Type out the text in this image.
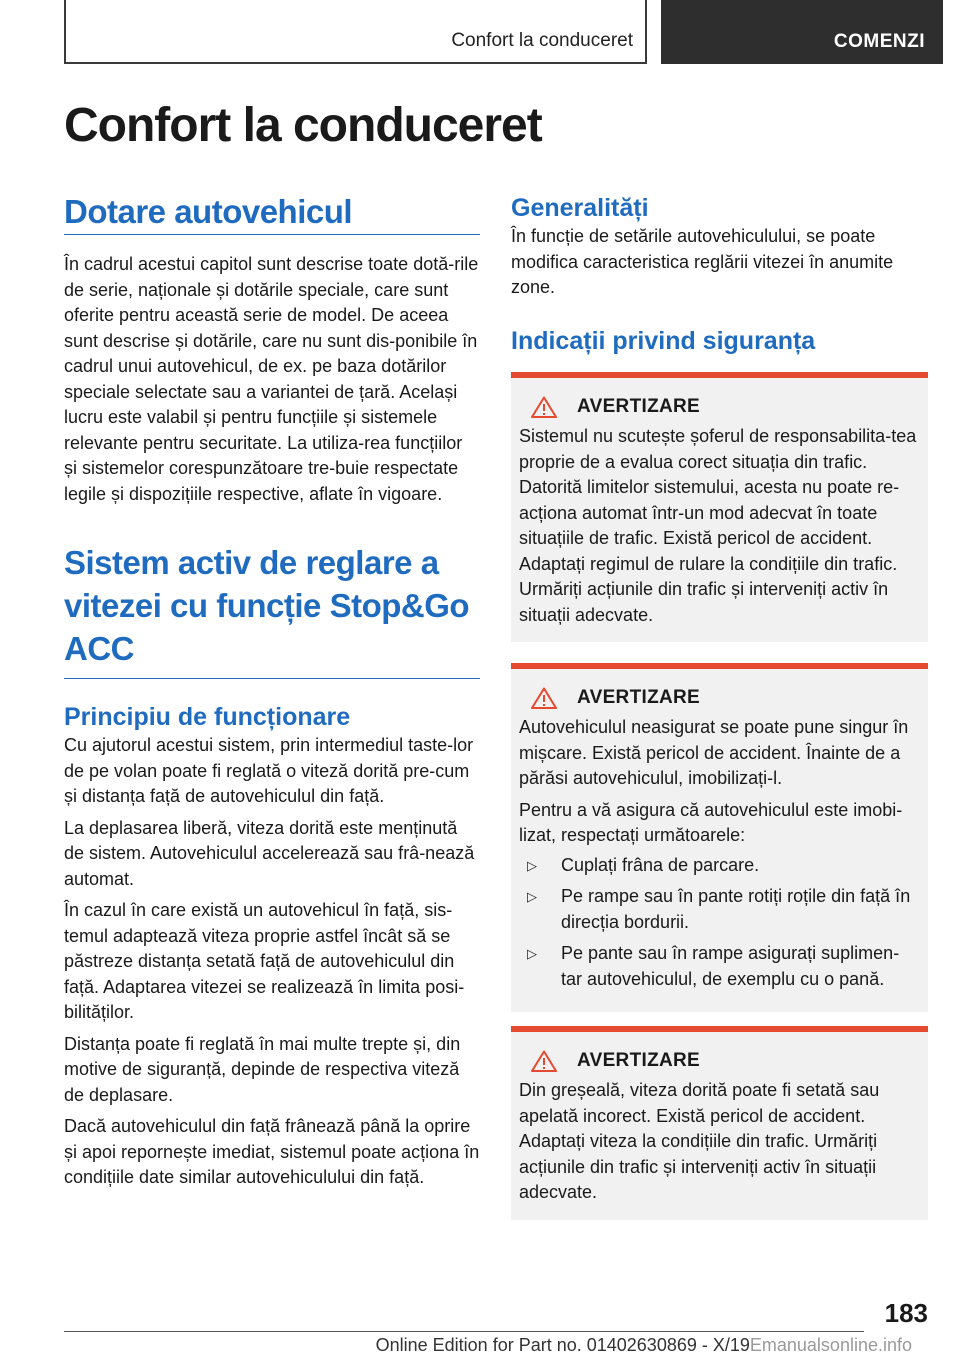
Confort la conduceret	COMENZI
Confort la conduceret
Dotare autovehicul

În cadrul acestui capitol sunt descrise toate dotă-rile de serie, naționale și dotările speciale, care sunt oferite pentru această serie de model. De aceea sunt descrise și dotările, care nu sunt dis-ponibile în cadrul unui autovehicul, de ex. pe baza dotărilor speciale selectate sau a variantei de țară. Același lucru este valabil și pentru funcțiile și sistemele relevante pentru securitate. La utiliza-rea funcțiilor și sistemelor corespunzătoare tre-buie respectate legile și dispozițiile respective, aflate în vigoare.

Sistem activ de reglare a vitezei cu funcție Stop&Go ACC
Principiu de funcționare

Cu ajutorul acestui sistem, prin intermediul taste-lor de pe volan poate fi reglată o viteză dorită pre-cum și distanța față de autovehiculul din față.

La deplasarea liberă, viteza dorită este menținută de sistem. Autovehiculul accelerează sau frâ-nează automat.

În cazul în care există un autovehicul în față, sis-temul adaptează viteza proprie astfel încât să se păstreze distanța setată față de autovehiculul din față. Adaptarea vitezei se realizează în limita posi-bilităților.

Distanța poate fi reglată în mai multe trepte și, din motive de siguranță, depinde de respectiva viteză de deplasare.

Dacă autovehiculul din față frânează până la oprire și apoi repornește imediat, sistemul poate acționa în condițiile date similar autovehiculului din față.

Generalități

În funcție de setările autovehiculului, se poate modifica caracteristica reglării vitezei în anumite zone.

Indicații privind siguranța
AVERTIZARE

Sistemul nu scutește șoferul de responsabilita-tea proprie de a evalua corect situația din trafic. Datorită limitelor sistemului, acesta nu poate re-acționa automat într-un mod adecvat în toate situațiile de trafic. Există pericol de accident. Adaptați regimul de rulare la condițiile din trafic. Urmăriți acțiunile din trafic și interveniți activ în situații adecvate.

AVERTIZARE

Autovehiculul neasigurat se poate pune singur în mișcare. Există pericol de accident. Înainte de a părăsi autovehiculul, imobilizați-l.

Pentru a vă asigura că autovehiculul este imobi-lizat, respectați următoarele:

▷	Cuplați frâna de parcare.
▷	Pe rampe sau în pante rotiți roțile din față în direcția bordurii.
▷	Pe pante sau în rampe asigurați suplimen-tar autovehiculul, de exemplu cu o pană.
AVERTIZARE

Din greșeală, viteza dorită poate fi setată sau apelată incorect. Există pericol de accident. Adaptați viteza la condițiile din trafic. Urmăriți acțiunile din trafic și interveniți activ în situații adecvate.

183
Online Edition for Part no. 01402630869 - X/19Emanualsonline.info
